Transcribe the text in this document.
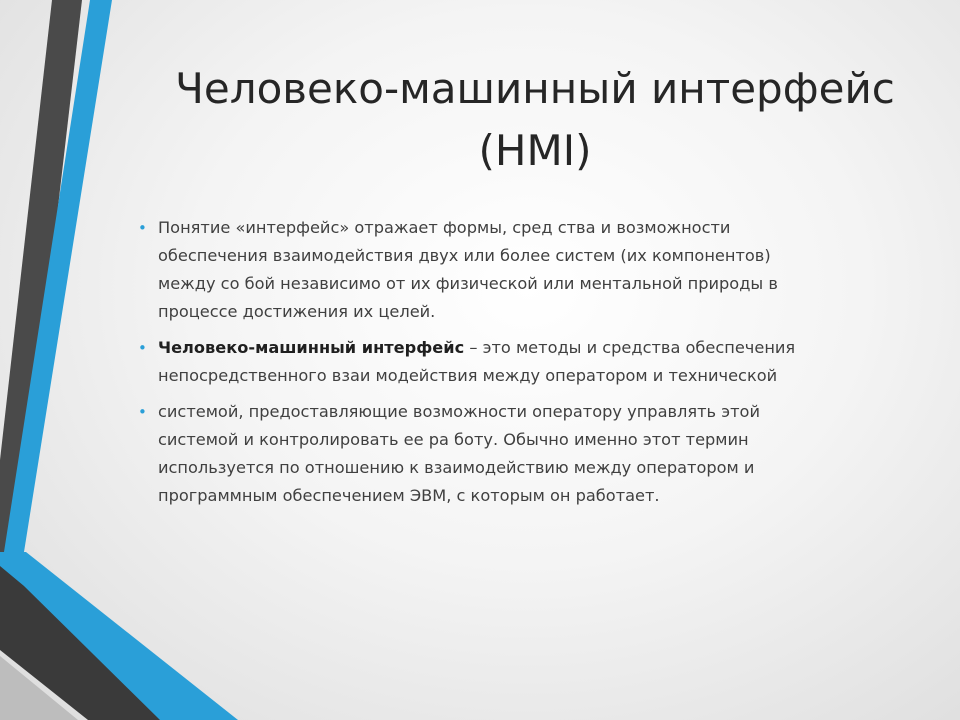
Человеко-машинный интерфейс
(HMI)
• Понятие «интерфейс» отражает формы, сред ства и возможности
обеспечения взаимодействия двух или более систем (их компонентов)
между со бой независимо от их физической или ментальной природы в
процессе достижения их целей.
• Человеко-машинный интерфейс – это методы и средства обеспечения
непосредственного взаи модействия между оператором и технической
• системой, предоставляющие возможности оператору управлять этой
системой и контролировать ее ра боту. Обычно именно этот термин
используется по отношению к взаимодействию между оператором и
программным обеспечением ЭВМ, с которым он работает.
